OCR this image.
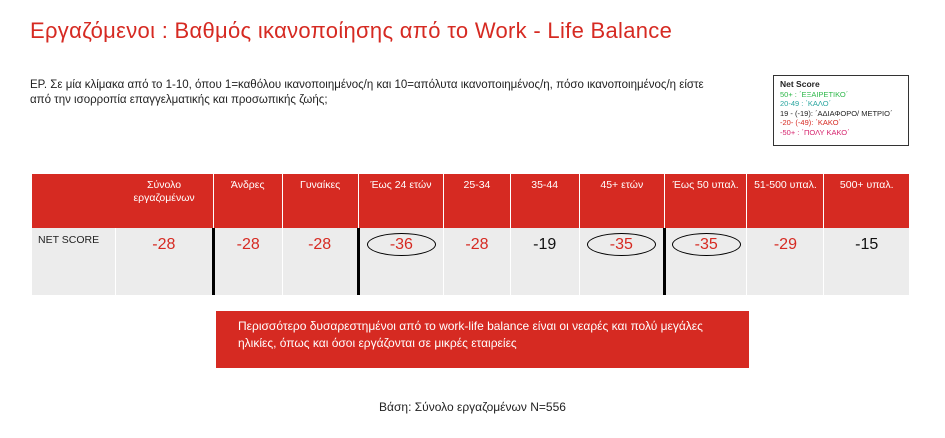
Εργαζόμενοι : Βαθμός ικανοποίησης από το Work - Life Balance
ΕΡ. Σε μία κλίμακα από το 1-10, όπου 1=καθόλου ικανοποιημένος/η και 10=απόλυτα ικανοποιημένος/η, πόσο ικανοποιημένος/η είστε από την ισορροπία επαγγελματικής και προσωπικής ζωής;
Net Score
50+ : ΄ΕΞΑΙΡΕΤΙΚΟ΄
20-49 : ΄ΚΑΛΟ΄
19 - (-19): ΄ΑΔΙΑΦΟΡΟ/ ΜΕΤΡΙΟ΄
-20- (-49): ΄ΚΑΚΟ΄
-50+ : ΄ΠΟΛΥ ΚΑΚΟ΄
	Σύνολο εργαζομένων	Άνδρες	Γυναίκες	Έως 24 ετών	25-34	35-44	45+ ετών	Έως 50 υπαλ.	51-500 υπαλ.	500+ υπαλ.
NET SCORE	-28	-28	-28	-36	-28	-19	-35	-35	-29	-15
Περισσότερο δυσαρεστημένοι από το work-life balance είναι οι νεαρές και πολύ μεγάλες ηλικίες, όπως και όσοι εργάζονται σε μικρές εταιρείες
Βάση: Σύνολο εργαζομένων Ν=556
